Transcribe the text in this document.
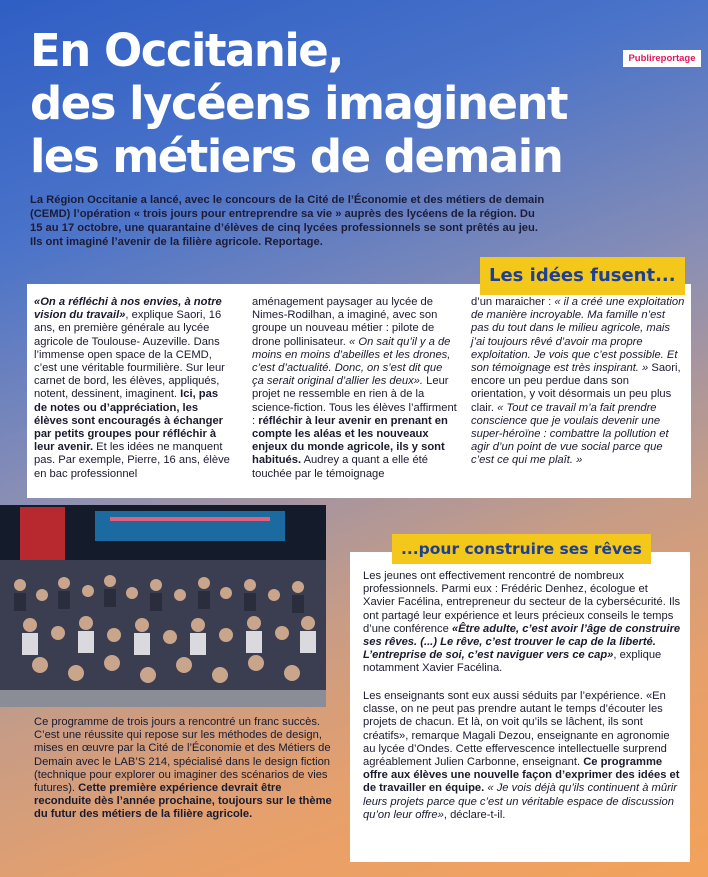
En Occitanie,
des lycéens imaginent
les métiers de demain
Publireportage
La Région Occitanie a lancé, avec le concours de la Cité de l’Économie et des métiers de demain (CEMD) l’opération « trois jours pour entreprendre sa vie » auprès des lycéens de la région. Du 15 au 17 octobre, une quarantaine d’élèves de cinq lycées professionnels se sont prêtés au jeu. Ils ont imaginé l’avenir de la filière agricole. Reportage.
Les idées fusent...
«On a réfléchi à nos envies, à notre vision du travail», explique Saori, 16 ans, en première générale au lycée agricole de Toulouse- Auzeville. Dans l’immense open space de la CEMD, c’est une véritable fourmilière. Sur leur carnet de bord, les élèves, appliqués, notent, dessinent, imaginent. Ici, pas de notes ou d’appréciation, les élèves sont encouragés à échanger par petits groupes pour réfléchir à leur avenir. Et les idées ne manquent pas. Par exemple, Pierre, 16 ans, élève en bac professionnel
aménagement paysager au lycée de Nimes-Rodilhan, a imaginé, avec son groupe un nouveau métier : pilote de drone pollinisateur. « On sait qu’il y a de moins en moins d’abeilles et les drones, c’est d’actualité. Donc, on s’est dit que ça serait original d’allier les deux». Leur projet ne ressemble en rien à de la science-fiction. Tous les élèves l’affirment : réfléchir à leur avenir en prenant en compte les aléas et les nouveaux enjeux du monde agricole, ils y sont habitués. Audrey a quant a elle été touchée par le témoignage
d’un maraicher : « il a créé une exploitation de manière incroyable. Ma famille n’est pas du tout dans le milieu agricole, mais j’ai toujours rêvé d’avoir ma propre exploitation. Je vois que c’est possible. Et son témoignage est très inspirant. » Saori, encore un peu perdue dans son orientation, y voit désormais un peu plus clair. « Tout ce travail m’a fait prendre conscience que je voulais devenir une super-héroïne : combattre la pollution et agir d’un point de vue social parce que c’est ce qui me plaît. »
...pour construire ses rêves
Les jeunes ont effectivement rencontré de nombreux professionnels. Parmi eux : Frédéric Denhez, écologue et Xavier Facélina, entrepreneur du secteur de la cybersécurité. Ils ont partagé leur expérience et leurs précieux conseils le temps d’une conférence «Être adulte, c’est avoir l’âge de construire ses rêves. (...) Le rêve, c’est trouver le cap de la liberté. L’entreprise de soi, c’est naviguer vers ce cap», explique notamment Xavier Facélina.
Les enseignants sont eux aussi séduits par l’expérience. «En classe, on ne peut pas prendre autant le temps d’écouter les projets de chacun. Et là, on voit qu’ils se lâchent, ils sont créatifs», remarque Magali Dezou, enseignante en agronomie au lycée d’Ondes. Cette effervescence intellectuelle surprend agréablement Julien Carbonne, enseignant. Ce programme offre aux élèves une nouvelle façon d’exprimer des idées et de travailler en équipe. « Je vois déjà qu’ils continuent à mûrir leurs projets parce que c’est un véritable espace de discussion qu’on leur offre», déclare-t-il.
Ce programme de trois jours a rencontré un franc succès. C’est une réussite qui repose sur les méthodes de design, mises en œuvre par la Cité de l’Économie et des Métiers de Demain avec le LAB’S 214, spécialisé dans le design fiction (technique pour explorer ou imaginer des scénarios de vies futures). Cette première expérience devrait être reconduite dès l’année prochaine, toujours sur le thème du futur des métiers de la filière agricole.
93
